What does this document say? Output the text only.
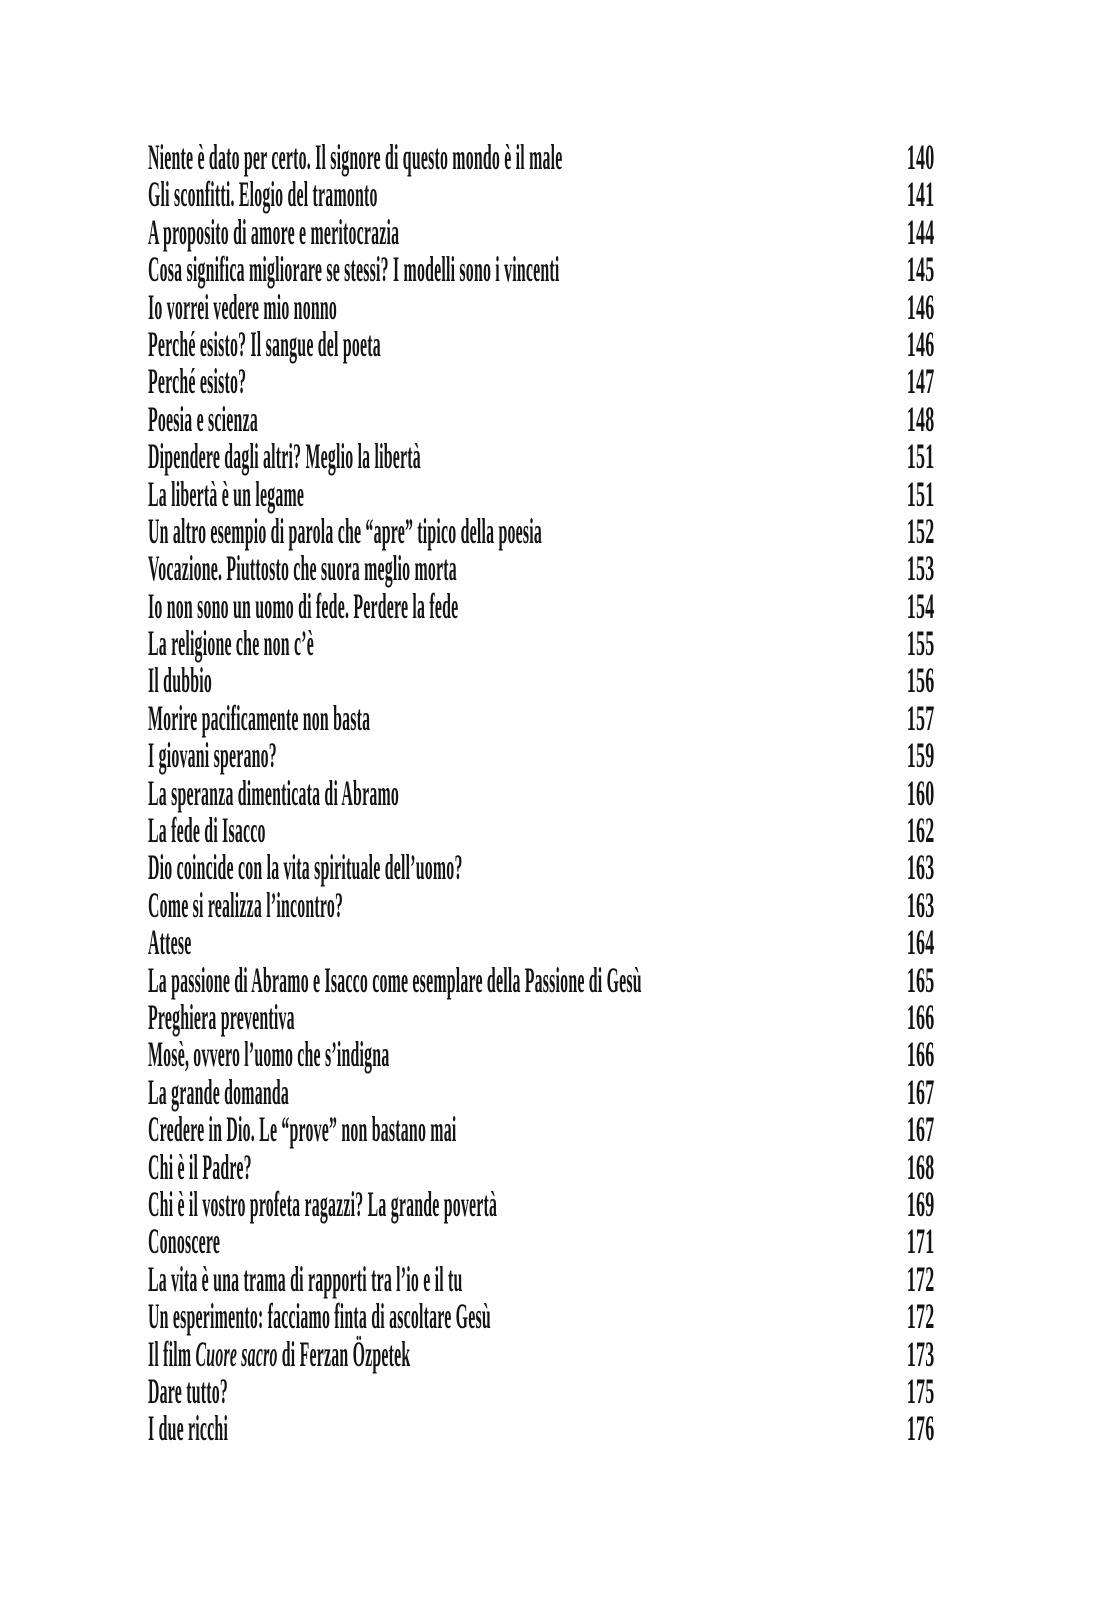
Niente è dato per certo. Il signore di questo mondo è il male	140
Gli sconfitti. Elogio del tramonto	141
A proposito di amore e meritocrazia	144
Cosa significa migliorare se stessi? I modelli sono i vincenti	145
Io vorrei vedere mio nonno	146
Perché esisto? Il sangue del poeta	146
Perché esisto?	147
Poesia e scienza	148
Dipendere dagli altri? Meglio la libertà	151
La libertà è un legame	151
Un altro esempio di parola che “apre” tipico della poesia	152
Vocazione. Piuttosto che suora meglio morta	153
Io non sono un uomo di fede. Perdere la fede	154
La religione che non c’è	155
Il dubbio	156
Morire pacificamente non basta	157
I giovani sperano?	159
La speranza dimenticata di Abramo	160
La fede di Isacco	162
Dio coincide con la vita spirituale dell’uomo?	163
Come si realizza l’incontro?	163
Attese	164
La passione di Abramo e Isacco come esemplare della Passione di Gesù	165
Preghiera preventiva	166
Mosè, ovvero l’uomo che s’indigna	166
La grande domanda	167
Credere in Dio. Le “prove” non bastano mai	167
Chi è il Padre?	168
Chi è il vostro profeta ragazzi? La grande povertà	169
Conoscere	171
La vita è una trama di rapporti tra l’io e il tu	172
Un esperimento: facciamo finta di ascoltare Gesù	172
Il film Cuore sacro di Ferzan Özpetek	173
Dare tutto?	175
I due ricchi	176
